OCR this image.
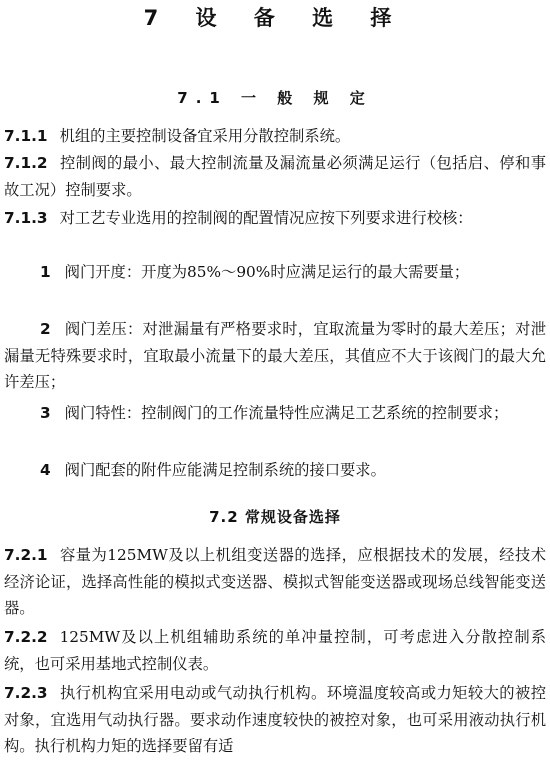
7 设 备 选 择
7.1 一 般 规 定

7.1.1 机组的主要控制设备宜采用分散控制系统。

7.1.2 控制阀的最小、最大控制流量及漏流量必须满足运行（包括启、停和事故工况）控制要求。

7.1.3 对工艺专业选用的控制阀的配置情况应按下列要求进行校核：

1 阀门开度：开度为85%～90%时应满足运行的最大需要量；

2 阀门差压：对泄漏量有严格要求时，宜取流量为零时的最大差压；对泄漏量无特殊要求时，宜取最小流量下的最大差压，其值应不大于该阀门的最大允许差压；

3 阀门特性：控制阀门的工作流量特性应满足工艺系统的控制要求；

4 阀门配套的附件应能满足控制系统的接口要求。

7.2 常规设备选择

7.2.1 容量为125MW及以上机组变送器的选择，应根据技术的发展，经技术经济论证，选择高性能的模拟式变送器、模拟式智能变送器或现场总线智能变送器。

7.2.2 125MW及以上机组辅助系统的单冲量控制，可考虑进入分散控制系统，也可采用基地式控制仪表。

7.2.3 执行机构宜采用电动或气动执行机构。环境温度较高或力矩较大的被控对象，宜选用气动执行器。要求动作速度较快的被控对象，也可采用液动执行机构。执行机构力矩的选择要留有适
